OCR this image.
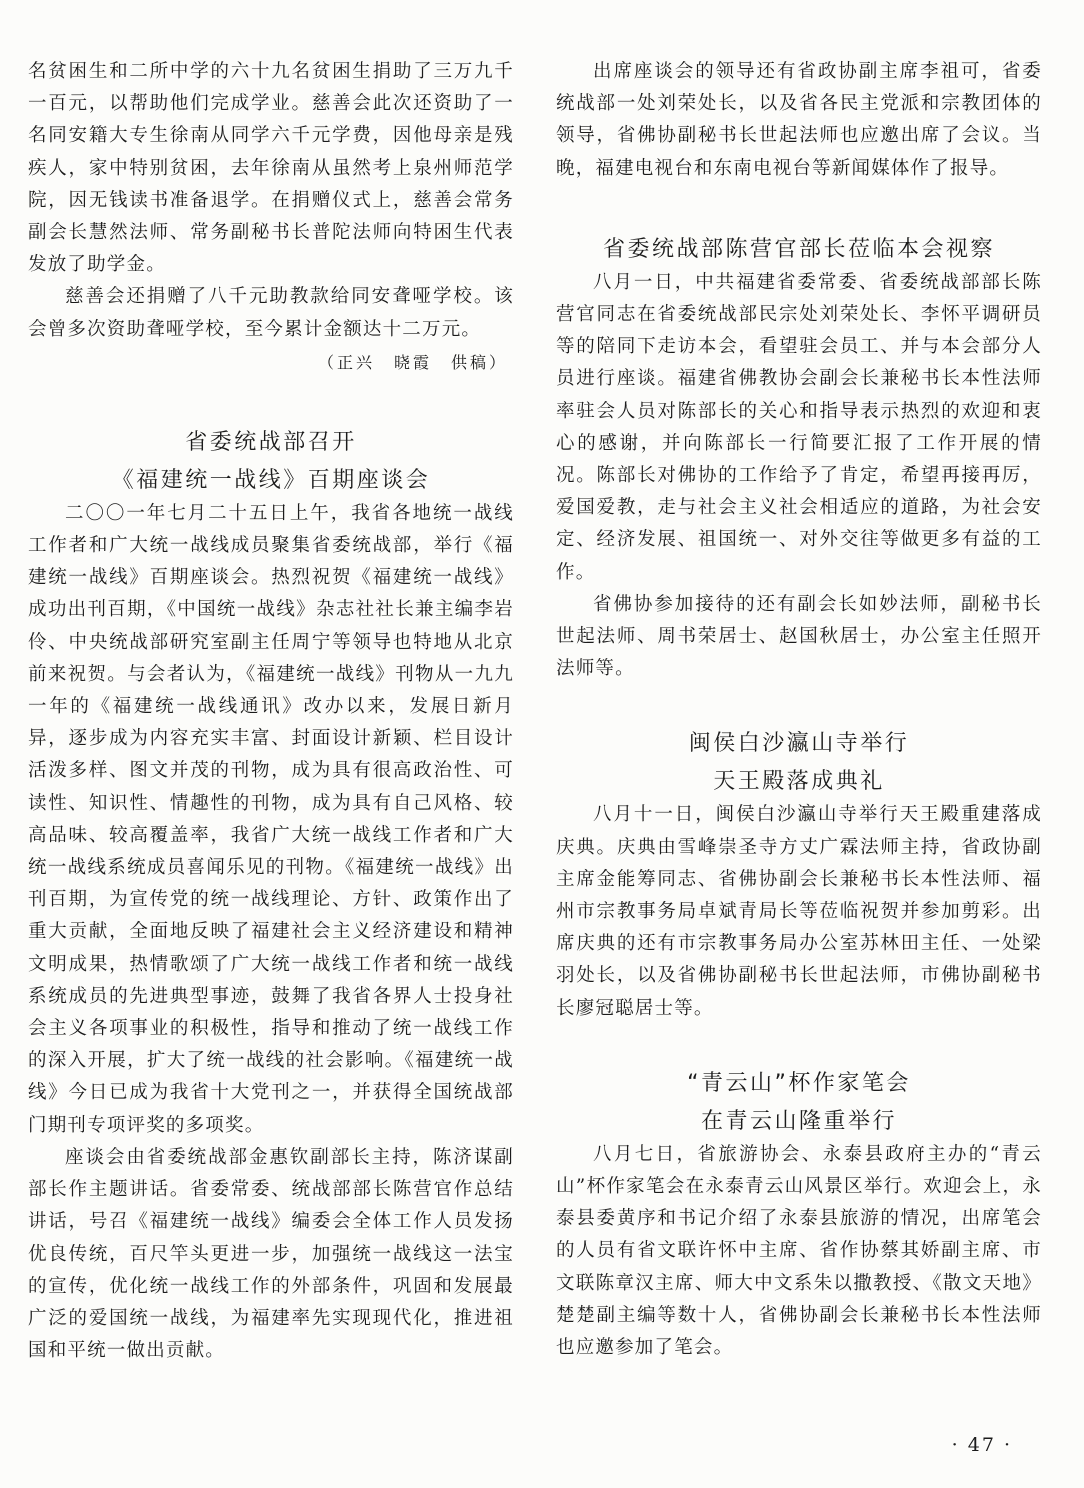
名贫困生和二所中学的六十九名贫困生捐助了三万九千一百元，以帮助他们完成学业。慈善会此次还资助了一名同安籍大专生徐南从同学六千元学费，因他母亲是残疾人，家中特别贫困，去年徐南从虽然考上泉州师范学院，因无钱读书准备退学。在捐赠仪式上，慈善会常务副会长慧然法师、常务副秘书长普陀法师向特困生代表发放了助学金。

慈善会还捐赠了八千元助教款给同安聋哑学校。该会曾多次资助聋哑学校，至今累计金额达十二万元。

（正兴　晓霞　供稿）
省委统战部召开
《福建统一战线》百期座谈会

二〇〇一年七月二十五日上午，我省各地统一战线工作者和广大统一战线成员聚集省委统战部，举行《福建统一战线》百期座谈会。热烈祝贺《福建统一战线》成功出刊百期，《中国统一战线》杂志社社长兼主编李岩伶、中央统战部研究室副主任周宁等领导也特地从北京前来祝贺。与会者认为，《福建统一战线》刊物从一九九一年的《福建统一战线通讯》改办以来，发展日新月异，逐步成为内容充实丰富、封面设计新颖、栏目设计活泼多样、图文并茂的刊物，成为具有很高政治性、可读性、知识性、情趣性的刊物，成为具有自己风格、较高品味、较高覆盖率，我省广大统一战线工作者和广大统一战线系统成员喜闻乐见的刊物。《福建统一战线》出刊百期，为宣传党的统一战线理论、方针、政策作出了重大贡献，全面地反映了福建社会主义经济建设和精神文明成果，热情歌颂了广大统一战线工作者和统一战线系统成员的先进典型事迹，鼓舞了我省各界人士投身社会主义各项事业的积极性，指导和推动了统一战线工作的深入开展，扩大了统一战线的社会影响。《福建统一战线》今日已成为我省十大党刊之一，并获得全国统战部门期刊专项评奖的多项奖。

座谈会由省委统战部金惠钦副部长主持，陈济谋副部长作主题讲话。省委常委、统战部部长陈营官作总结讲话，号召《福建统一战线》编委会全体工作人员发扬优良传统，百尺竿头更进一步，加强统一战线这一法宝的宣传，优化统一战线工作的外部条件，巩固和发展最广泛的爱国统一战线，为福建率先实现现代化，推进祖国和平统一做出贡献。

出席座谈会的领导还有省政协副主席李祖可，省委统战部一处刘荣处长，以及省各民主党派和宗教团体的领导，省佛协副秘书长世起法师也应邀出席了会议。当晚，福建电视台和东南电视台等新闻媒体作了报导。

省委统战部陈营官部长莅临本会视察

八月一日，中共福建省委常委、省委统战部部长陈营官同志在省委统战部民宗处刘荣处长、李怀平调研员等的陪同下走访本会，看望驻会员工、并与本会部分人员进行座谈。福建省佛教协会副会长兼秘书长本性法师率驻会人员对陈部长的关心和指导表示热烈的欢迎和衷心的感谢，并向陈部长一行简要汇报了工作开展的情况。陈部长对佛协的工作给予了肯定，希望再接再厉，爱国爱教，走与社会主义社会相适应的道路，为社会安定、经济发展、祖国统一、对外交往等做更多有益的工作。

省佛协参加接待的还有副会长如妙法师，副秘书长世起法师、周书荣居士、赵国秋居士，办公室主任照开法师等。

闽侯白沙瀛山寺举行
天王殿落成典礼

八月十一日，闽侯白沙瀛山寺举行天王殿重建落成庆典。庆典由雪峰崇圣寺方丈广霖法师主持，省政协副主席金能筹同志、省佛协副会长兼秘书长本性法师、福州市宗教事务局卓斌青局长等莅临祝贺并参加剪彩。出席庆典的还有市宗教事务局办公室苏林田主任、一处梁羽处长，以及省佛协副秘书长世起法师，市佛协副秘书长廖冠聪居士等。

“青云山”杯作家笔会
在青云山隆重举行

八月七日，省旅游协会、永泰县政府主办的“青云山”杯作家笔会在永泰青云山风景区举行。欢迎会上，永泰县委黄序和书记介绍了永泰县旅游的情况，出席笔会的人员有省文联许怀中主席、省作协蔡其娇副主席、市文联陈章汉主席、师大中文系朱以撒教授、《散文天地》楚楚副主编等数十人，省佛协副会长兼秘书长本性法师也应邀参加了笔会。

· 47 ·
